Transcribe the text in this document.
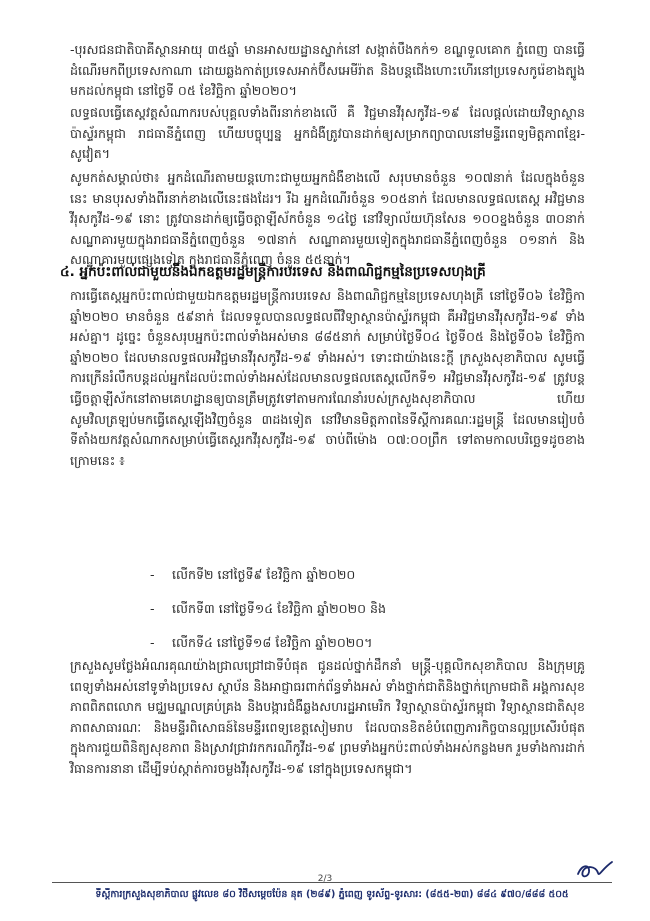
-បុរសជនជាតិបាគីស្ថានអាយុ ៣៥ឆ្នាំ មានអាសយដ្ឋានស្នាក់នៅ សង្កាត់បឹងកក់១ ខណ្ឌទួលគោក ភ្នំពេញ បានធ្វើដំណើរមកពីប្រទេសកាណា ដោយឆ្លងកាត់ប្រទេសអាក់ប៊ីសអេមីរ៉ាត និងបន្តជើងហោះហើរនៅប្រទេសកូរ៉េខាងត្បូង មកដល់កម្ពុជា នៅថ្ងៃទី ០៥ ខែវិច្ឆិកា ឆ្នាំ២០២០។

លទ្ធផលធ្វើតេស្តវត្តសំណាករបស់បុគ្គលទាំងពីរនាក់ខាងលើ គឺ វិជ្ជមានវីរុសកូវីដ-១៩ ដែលផ្តល់ដោយវិទ្យាស្ថានប៉ាស្ទ័រកម្ពុជា រាជធានីភ្នំពេញ ហើយបច្ចុប្បន្ន អ្នកជំងឺត្រូវបានដាក់ឲ្យសម្រាកព្យាបាលនៅមន្ទីរពេទ្យមិត្តភាពខ្មែរ-សូវៀត។

សូមកត់សម្គាល់ថា៖ អ្នកដំណើរតាមយន្តហោះជាមួយអ្នកជំងឺខាងលើ សរុបមានចំនួន ១០៧នាក់ ដែលក្នុងចំនួននេះ មានបុរសទាំងពីរនាក់ខាងលើនេះផងដែរ។ រីឯ អ្នកដំណើរចំនួន ១០៥នាក់ ដែលមានលទ្ធផលតេស្ត អវិជ្ជមានវីរុសកូវីដ-១៩ នោះ ត្រូវបានដាក់ឲ្យធ្វើចត្តាឡីស័កចំនួន ១៤ថ្ងៃ នៅវិទ្យាល័យហ៊ុនសែន ១០០ខ្នងចំនួន ៣០នាក់ សណ្ឋាគារមួយក្នុងរាជធានីភ្នំពេញចំនួន ១៧នាក់ សណ្ឋាគារមួយទៀតក្នុងរាជធានីភ្នំពេញចំនួន ០១នាក់ និងសណ្ឋាគារមួយផ្សេងទៀត ក្នុងរាជធានីភ្នំពេញ ចំនួន ៥៥នាក់។

៤. អ្នកប៉ះពាល់ជាមួយនឹងឯកឧត្តមរដ្ឋមន្ត្រីការបរទេស និងពាណិជ្ជកម្មនៃប្រទេសហុងគ្រី

ការធ្វើតេស្តអ្នកប៉ះពាល់ជាមួយឯកឧត្តមរដ្ឋមន្ត្រីការបរទេស និងពាណិជ្ជកម្មនៃប្រទេសហុងគ្រី នៅថ្ងៃទី០៦ ខែវិច្ឆិកា ឆ្នាំ២០២០ មានចំនួន ៥៩នាក់ ដែលទទួលបានលទ្ធផលពីវិទ្យាស្ថានប៉ាស្ទ័រកម្ពុជា គឺអវិជ្ជមានវីរុសកូវីដ-១៩ ទាំងអស់គ្នា។ ដូច្នេះ ចំនួនសរុបអ្នកប៉ះពាល់ទាំងអស់មាន ៨៨៥នាក់ សម្រាប់ថ្ងៃទី០៤ ថ្ងៃទី០៥ និងថ្ងៃទី០៦ ខែវិច្ឆិកា ឆ្នាំ២០២០ ដែលមានលទ្ធផលអវិជ្ជមានវីរុសកូវីដ-១៩ ទាំងអស់។ ទោះជាយ៉ាងនេះក្តី ក្រសួងសុខាភិបាល សូមធ្វើការក្រើនរំលឹកបន្តដល់អ្នកដែលប៉ះពាល់ទាំងអស់ដែលមានលទ្ធផលតេស្តលើកទី១ អវិជ្ជមានវីរុសកូវីដ-១៩ ត្រូវបន្តធ្វើចត្តាឡីស័កនៅតាមគេហដ្ឋានឲ្យបានត្រឹមត្រូវទៅតាមការណែនាំរបស់ក្រសួងសុខាភិបាល ហើយសូមវិលត្រឡប់មកធ្វើតេស្តឡើងវិញចំនួន ៣ដងទៀត នៅវិមានមិត្តភាពនៃទីស្តីការគណៈរដ្ឋមន្ត្រី ដែលមានរៀបចំទីតាំងយកវត្តសំណាកសម្រាប់ធ្វើតេស្តរកវីរុសកូវីដ-១៩ ចាប់ពីម៉ោង ០៧:០០ព្រឹក ទៅតាមកាលបរិច្ឆេទដូចខាងក្រោមនេះ ៖

- លើកទី២ នៅថ្ងៃទី៩ ខែវិច្ឆិកា ឆ្នាំ២០២០
- លើកទី៣ នៅថ្ងៃទី១៤ ខែវិច្ឆិកា ឆ្នាំ២០២០ និង
- លើកទី៤ នៅថ្ងៃទី១៨ ខែវិច្ឆិកា ឆ្នាំ២០២០។

ក្រសួងសូមថ្លែងអំណរគុណយ៉ាងជ្រាលជ្រៅជាទីបំផុត ជូនដល់ថ្នាក់ដឹកនាំ មន្ត្រី-បុគ្គលិកសុខាភិបាល និងក្រុមគ្រូពេទ្យទាំងអស់នៅទូទាំងប្រទេស ស្ថាប័ន និងអាជ្ញាធរពាក់ព័ន្ធទាំងអស់ ទាំងថ្នាក់ជាតិនិងថ្នាក់ក្រោមជាតិ អង្គការសុខភាពពិភពលោក មជ្ឈមណ្ឌលគ្រប់គ្រង និងបង្ការជំងឺឆ្លងសហរដ្ឋអាមេរិក វិទ្យាស្ថានប៉ាស្ទ័រកម្ពុជា វិទ្យាស្ថានជាតិសុខភាពសាធារណៈ និងមន្ទីរពិសោធន៍នៃមន្ទីរពេទ្យខេត្តសៀមរាប ដែលបានខិតខំបំពេញភារកិច្ចបានល្អប្រសើរបំផុត ក្នុងការជួយពិនិត្យសុខភាព និងស្រាវជ្រាវរកករណីកូវីដ-១៩ ព្រមទាំងអ្នកប៉ះពាល់ទាំងអស់កន្លងមក រួមទាំងការដាក់វិធានការនានា ដើម្បីទប់ស្កាត់ការចម្លងវីរុសកូវីដ-១៩ នៅក្នុងប្រទេសកម្ពុជា។

2/3
ទីស្តីការក្រសួងសុខាភិបាល ផ្លូវលេខ ៨០ វិថីសម្តេចប៉ែន នុត (២៨៩) ភ្នំពេញ ទូរស័ព្ទ-ទូរសារ: (៨៥៥-២៣) ៨៨៤ ៩៧០/៨៨៨ ៥០៥
